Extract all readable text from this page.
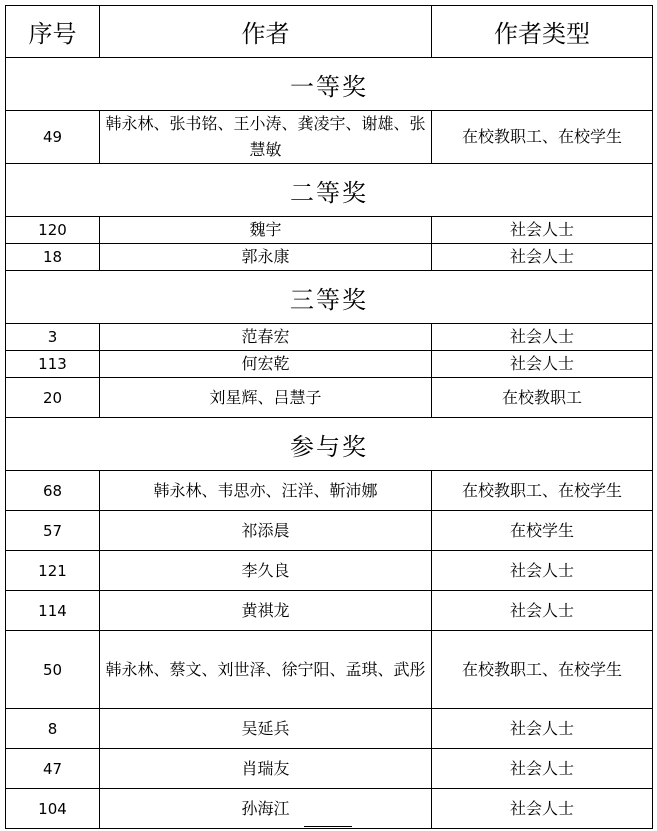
序号	作者	作者类型
一等奖		
49	韩永林、张书铭、王小涛、龚凌宇、谢雄、张慧敏	在校教职工、在校学生
二等奖		
120	魏宇	社会人士
18	郭永康	社会人士
三等奖		
3	范春宏	社会人士
113	何宏乾	社会人士
20	刘星辉、吕慧子	在校教职工
参与奖		
68	韩永林、韦思亦、汪洋、靳沛娜	在校教职工、在校学生
57	祁添晨	在校学生
121	李久良	社会人士
114	黄祺龙	社会人士
50	韩永林、蔡文、刘世泽、徐宁阳、孟琪、武彤	在校教职工、在校学生
8	吴延兵	社会人士
47	肖瑞友	社会人士
104	孙海江	社会人士
